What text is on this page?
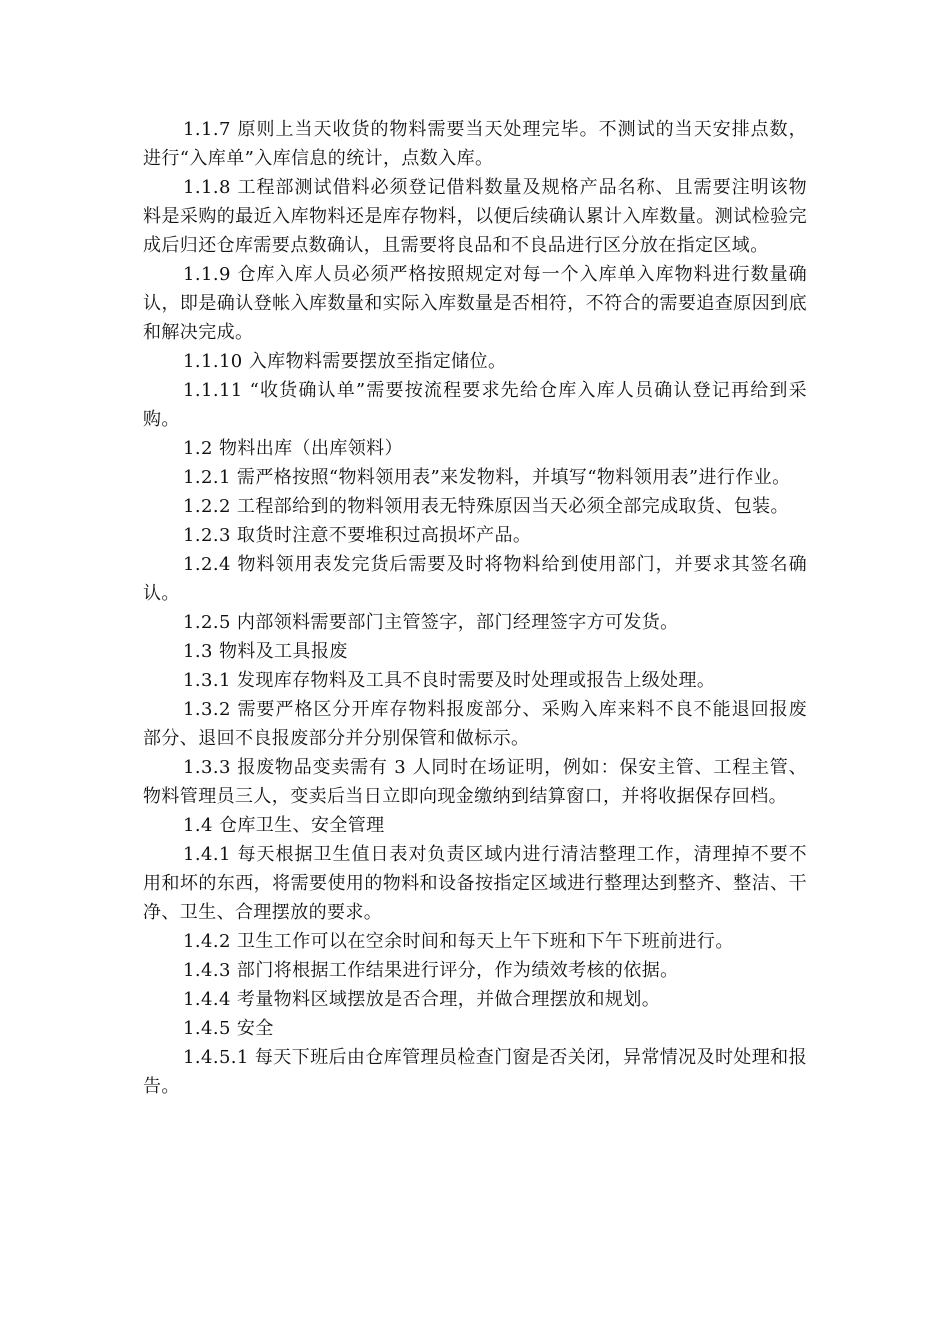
1.1.7 原则上当天收货的物料需要当天处理完毕。不测试的当天安排点数，进行“入库单”入库信息的统计，点数入库。

1.1.8 工程部测试借料必须登记借料数量及规格产品名称、且需要注明该物料是采购的最近入库物料还是库存物料，以便后续确认累计入库数量。测试检验完成后归还仓库需要点数确认，且需要将良品和不良品进行区分放在指定区域。

1.1.9 仓库入库人员必须严格按照规定对每一个入库单入库物料进行数量确认，即是确认登帐入库数量和实际入库数量是否相符，不符合的需要追查原因到底和解决完成。

1.1.10 入库物料需要摆放至指定储位。

1.1.11 “收货确认单”需要按流程要求先给仓库入库人员确认登记再给到采购。

1.2 物料出库（出库领料）

1.2.1 需严格按照“物料领用表”来发物料，并填写“物料领用表”进行作业。

1.2.2 工程部给到的物料领用表无特殊原因当天必须全部完成取货、包装。

1.2.3 取货时注意不要堆积过高损坏产品。

1.2.4 物料领用表发完货后需要及时将物料给到使用部门，并要求其签名确认。

1.2.5 内部领料需要部门主管签字，部门经理签字方可发货。

1.3 物料及工具报废

1.3.1 发现库存物料及工具不良时需要及时处理或报告上级处理。

1.3.2 需要严格区分开库存物料报废部分、采购入库来料不良不能退回报废部分、退回不良报废部分并分别保管和做标示。

1.3.3 报废物品变卖需有 3 人同时在场证明，例如：保安主管、工程主管、物料管理员三人，变卖后当日立即向现金缴纳到结算窗口，并将收据保存回档。

1.4 仓库卫生、安全管理

1.4.1 每天根据卫生值日表对负责区域内进行清洁整理工作，清理掉不要不用和坏的东西，将需要使用的物料和设备按指定区域进行整理达到整齐、整洁、干净、卫生、合理摆放的要求。

1.4.2 卫生工作可以在空余时间和每天上午下班和下午下班前进行。

1.4.3 部门将根据工作结果进行评分，作为绩效考核的依据。

1.4.4 考量物料区域摆放是否合理，并做合理摆放和规划。

1.4.5 安全

1.4.5.1 每天下班后由仓库管理员检查门窗是否关闭，异常情况及时处理和报告。
